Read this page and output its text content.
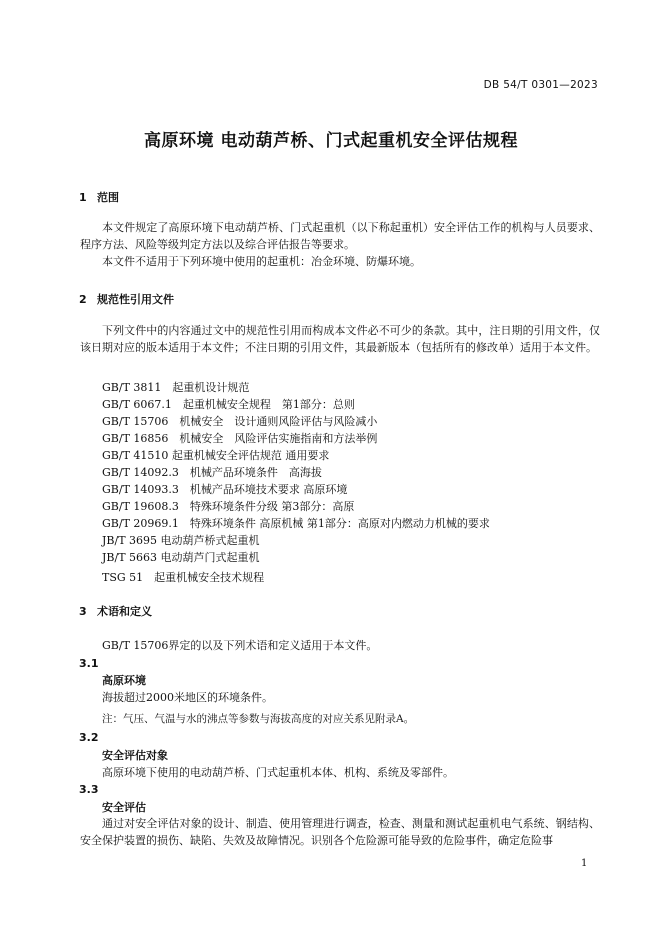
DB 54/T 0301—2023
高原环境 电动葫芦桥、门式起重机安全评估规程
1 范围

本文件规定了高原环境下电动葫芦桥、门式起重机（以下称起重机）安全评估工作的机构与人员要求、程序方法、风险等级判定方法以及综合评估报告等要求。

本文件不适用于下列环境中使用的起重机：冶金环境、防爆环境。

2 规范性引用文件

下列文件中的内容通过文中的规范性引用而构成本文件必不可少的条款。其中，注日期的引用文件，仅该日期对应的版本适用于本文件；不注日期的引用文件，其最新版本（包括所有的修改单）适用于本文件。

GB/T 3811　起重机设计规范
GB/T 6067.1　起重机械安全规程　第1部分：总则
GB/T 15706　机械安全　设计通则风险评估与风险减小
GB/T 16856　机械安全　风险评估实施指南和方法举例
GB/T 41510 起重机械安全评估规范 通用要求
GB/T 14092.3　机械产品环境条件　高海拔
GB/T 14093.3　机械产品环境技术要求 高原环境
GB/T 19608.3　特殊环境条件分级 第3部分：高原
GB/T 20969.1　特殊环境条件 高原机械 第1部分：高原对内燃动力机械的要求
JB/T 3695 电动葫芦桥式起重机
JB/T 5663 电动葫芦门式起重机
TSG 51　起重机械安全技术规程
3 术语和定义
GB/T 15706界定的以及下列术语和定义适用于本文件。
3.1
高原环境
海拔超过2000米地区的环境条件。
注：气压、气温与水的沸点等参数与海拔高度的对应关系见附录A。
3.2
安全评估对象
高原环境下使用的电动葫芦桥、门式起重机本体、机构、系统及零部件。
3.3
安全评估

通过对安全评估对象的设计、制造、使用管理进行调查，检查、测量和测试起重机电气系统、钢结构、安全保护装置的损伤、缺陷、失效及故障情况。识别各个危险源可能导致的危险事件，确定危险事

1
